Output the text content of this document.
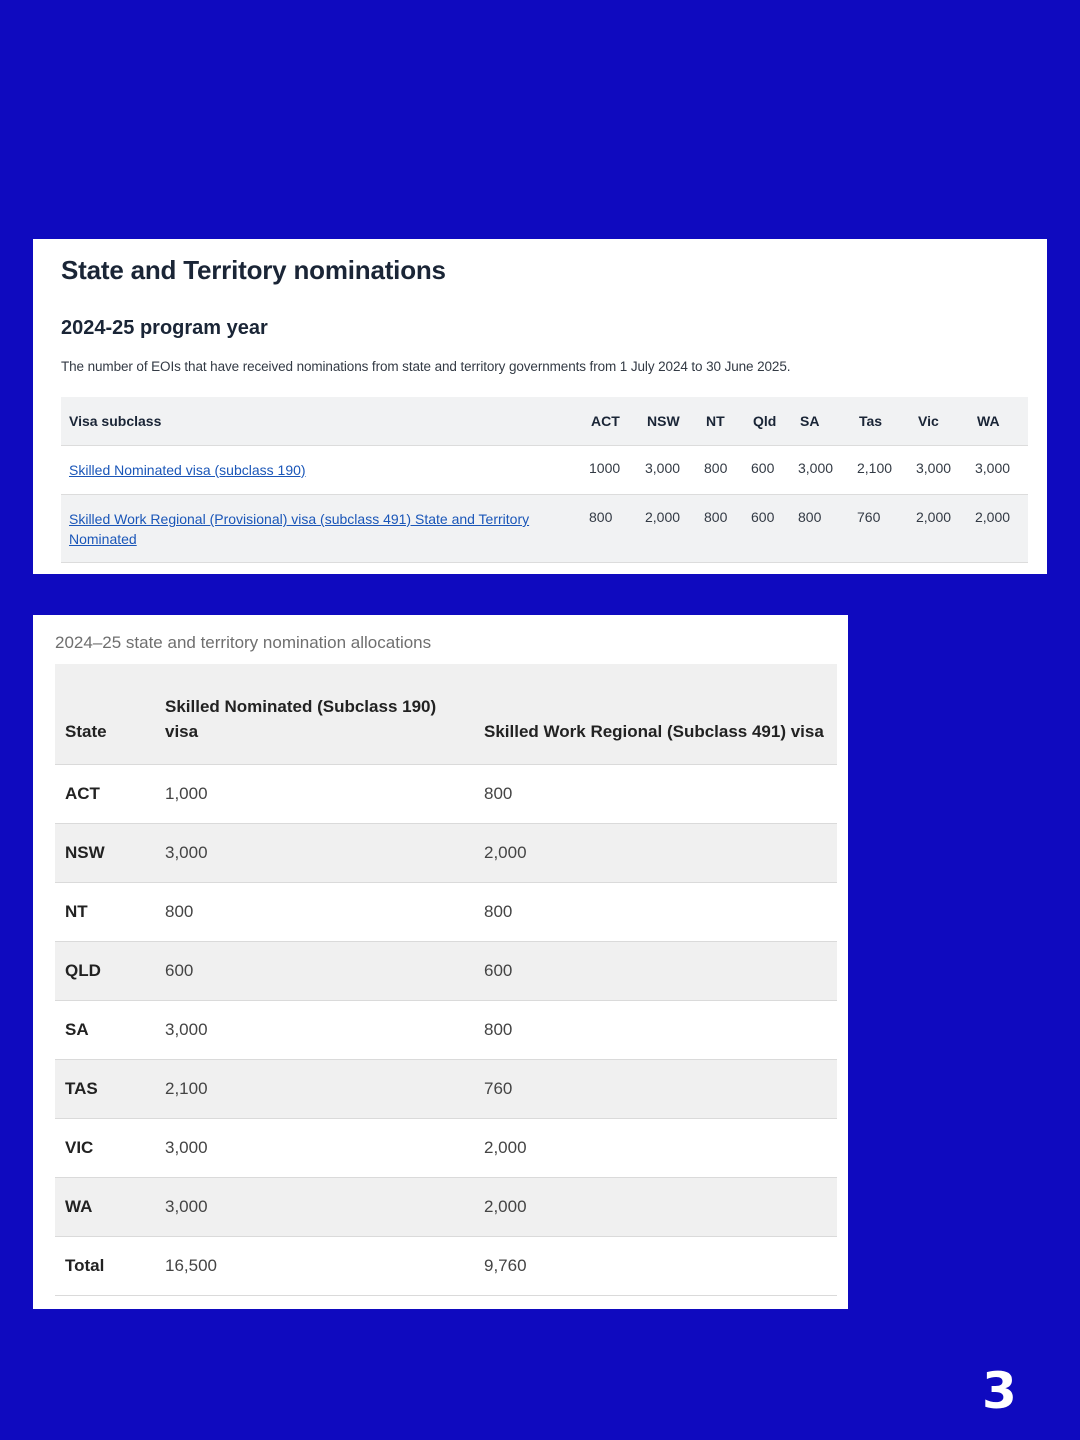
State and Territory nominations
2024-25 program year
The number of EOIs that have received nominations from state and territory governments from 1 July 2024 to 30 June 2025.
Visa subclass	ACT	NSW	NT	Qld	SA	Tas	Vic	WA
Skilled Nominated visa (subclass 190)	1000	3,000	800	600	3,000	2,100	3,000	3,000
Skilled Work Regional (Provisional) visa (subclass 491) State and Territory Nominated	800	2,000	800	600	800	760	2,000	2,000
2024–25 state and territory nomination allocations
State	Skilled Nominated (Subclass 190) visa	Skilled Work Regional (Subclass 491) visa
ACT	1,000	800
NSW	3,000	2,000
NT	800	800
QLD	600	600
SA	3,000	800
TAS	2,100	760
VIC	3,000	2,000
WA	3,000	2,000
Total	16,500	9,760
3
